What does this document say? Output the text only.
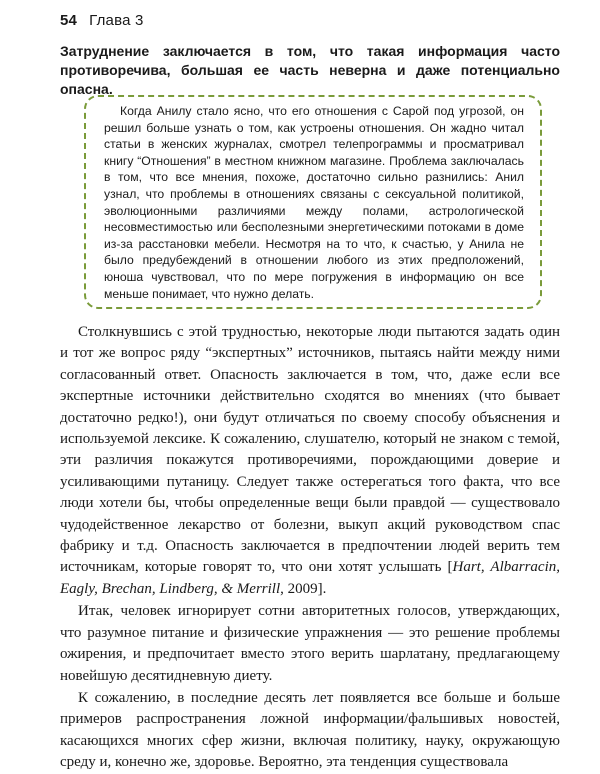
54 Глава 3
Затруднение заключается в том, что такая информация часто противоречива, большая ее часть неверна и даже потенциально опасна.

Когда Анилу стало ясно, что его отношения с Сарой под угрозой, он решил больше узнать о том, как устроены отношения. Он жадно читал статьи в женских журналах, смотрел телепрограммы и просматривал книгу “Отношения” в местном книжном магазине. Проблема заключалась в том, что все мнения, похоже, достаточно сильно разнились: Анил узнал, что проблемы в отношениях связаны с сексуальной политикой, эволюционными различиями между полами, астрологической несовместимостью или бесполезными энергетическими потоками в доме из-за расстановки мебели. Несмотря на то что, к счастью, у Анила не было предубеждений в отношении любого из этих предположений, юноша чувствовал, что по мере погружения в информацию он все меньше понимает, что нужно делать.

Столкнувшись с этой трудностью, некоторые люди пытаются задать один и тот же вопрос ряду “экспертных” источников, пытаясь найти между ними согласованный ответ. Опасность заключается в том, что, даже если все экспертные источники действительно сходятся во мнениях (что бывает достаточно редко!), они будут отличаться по своему способу объяснения и используемой лексике. К сожалению, слушателю, который не знаком с темой, эти различия покажутся противоречиями, порождающими доверие и усиливающими путаницу. Следует также остерегаться того факта, что все люди хотели бы, чтобы определенные вещи были правдой — существовало чудодейственное лекарство от болезни, выкуп акций руководством спас фабрику и т.д. Опасность заключается в предпочтении людей верить тем источникам, которые говорят то, что они хотят услышать [Hart, Albarracin, Eagly, Brechan, Lindberg, & Merrill, 2009].

Итак, человек игнорирует сотни авторитетных голосов, утверждающих, что разумное питание и физические упражнения — это решение проблемы ожирения, и предпочитает вместо этого верить шарлатану, предлагающему новейшую десятидневную диету.

К сожалению, в последние десять лет появляется все больше и больше примеров распространения ложной информации/фальшивых новостей, касающихся многих сфер жизни, включая политику, науку, окружающую среду и, конечно же, здоровье. Вероятно, эта тенденция существовала
